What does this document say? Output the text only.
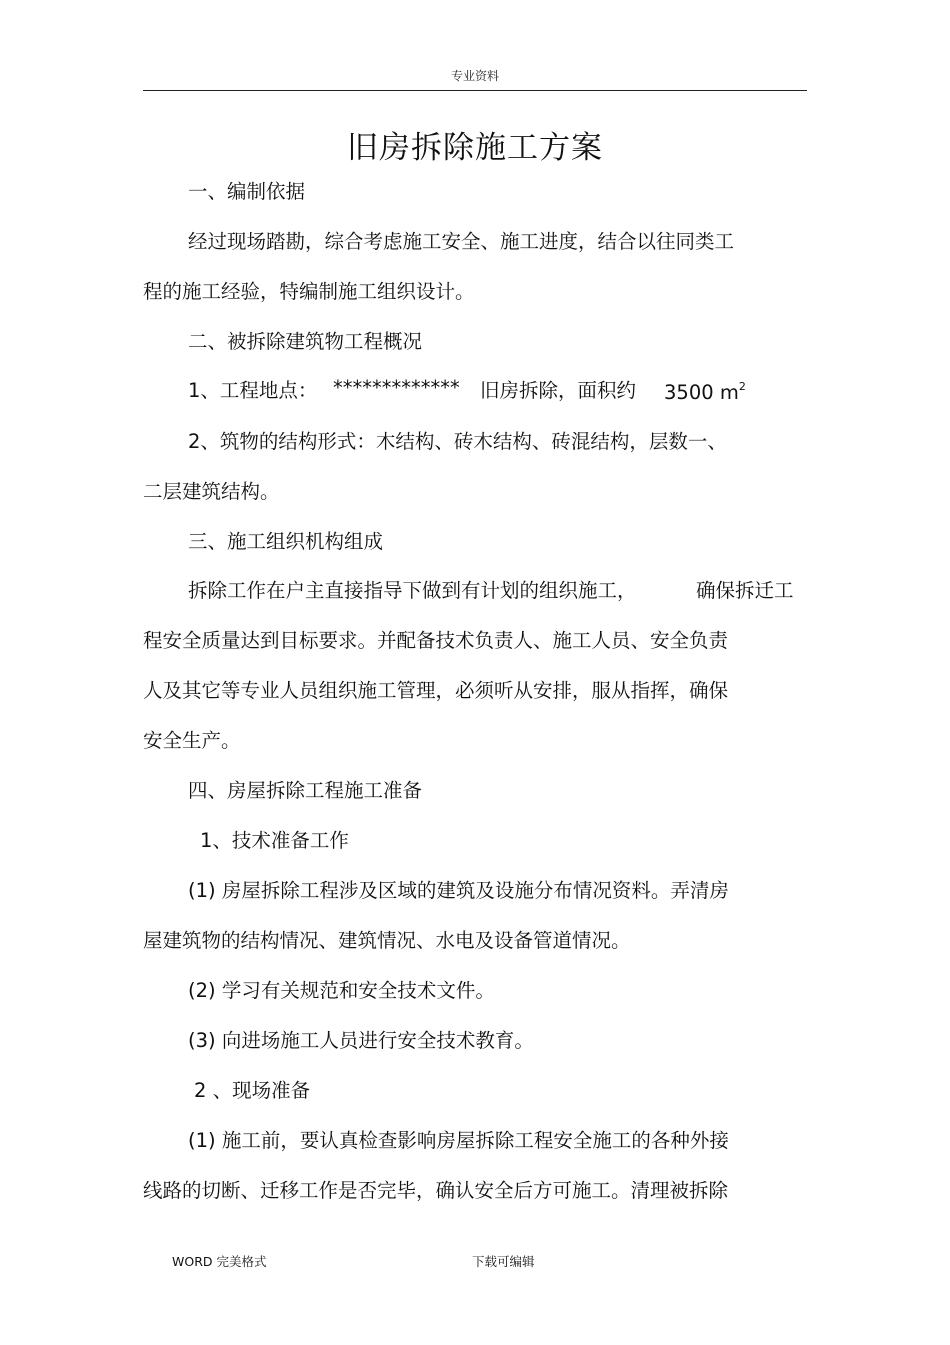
专业资料
旧房拆除施工方案
一、编制依据
经过现场踏勘，综合考虑施工安全、施工进度，结合以往同类工
程的施工经验，特编制施工组织设计。
二、被拆除建筑物工程概况
1、工程地点： ************* 旧房拆除，面积约 3500 $m^2$
2、筑物的结构形式：木结构、砖木结构、砖混结构，层数一、
二层建筑结构。
三、施工组织机构组成
拆除工作在户主直接指导下做到有计划的组织施工，	确保拆迁工
程安全质量达到目标要求。并配备技术负责人、施工人员、安全负责
人及其它等专业人员组织施工管理，必须听从安排，服从指挥，确保
安全生产。
四、房屋拆除工程施工准备
1、技术准备工作
(1) 房屋拆除工程涉及区域的建筑及设施分布情况资料。弄清房
屋建筑物的结构情况、建筑情况、水电及设备管道情况。
(2) 学习有关规范和安全技术文件。
(3) 向进场施工人员进行安全技术教育。
2 、现场准备
(1) 施工前，要认真检查影响房屋拆除工程安全施工的各种外接
线路的切断、迁移工作是否完毕，确认安全后方可施工。清理被拆除
WORD 完美格式	下载可编辑
